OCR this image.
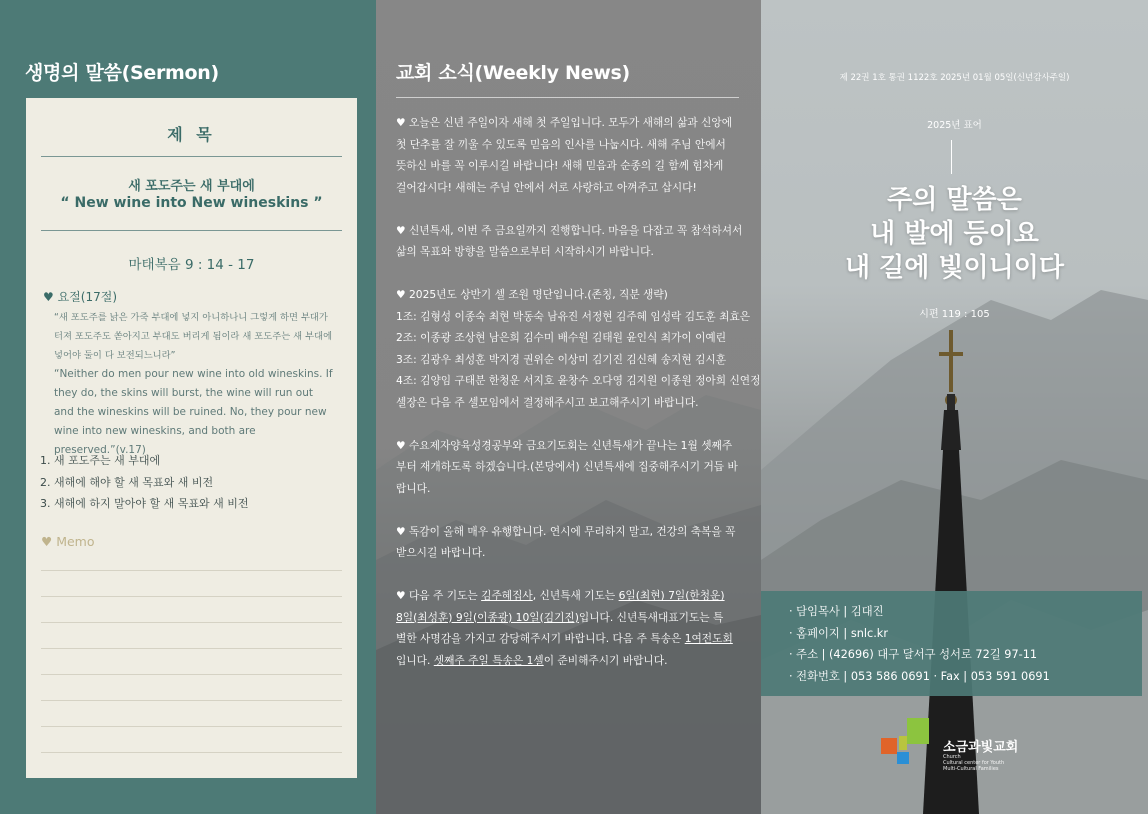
생명의 말씀(Sermon)
제 목
새 포도주는 새 부대에
“ New wine into New wineskins ”
마태복음 9 : 14 - 17
♥ 요절(17절)
“새 포도주를 낡은 가죽 부대에 넣지 아니하나니 그렇게 하면 부대가 터져 포도주도 쏟아지고 부대도 버리게 됨이라 새 포도주는 새 부대에 넣어야 둘이 다 보전되느니라”
“Neither do men pour new wine into old wineskins. If they do, the skins will burst, the wine will run out and the wineskins will be ruined. No, they pour new wine into new wineskins, and both are preserved.”(v.17)
1. 새 포도주는 새 부대에
2. 새해에 해야 할 새 목표와 새 비전
3. 새해에 하지 말아야 할 새 목표와 새 비전
♥ Memo
교회 소식(Weekly News)

♥ 오늘은 신년 주일이자 새해 첫 주일입니다. 모두가 새해의 삶과 신앙에
첫 단추를 잘 끼울 수 있도록 믿음의 인사를 나눕시다. 새해 주님 안에서
뜻하신 바를 꼭 이루시길 바랍니다! 새해 믿음과 순종의 길 함께 힘차게
걸어갑시다! 새해는 주님 안에서 서로 사랑하고 아껴주고 삽시다!

♥ 신년특새, 이번 주 금요일까지 진행합니다. 마음을 다잡고 꼭 참석하셔서
삶의 목표와 방향을 말씀으로부터 시작하시기 바랍니다.

♥ 2025년도 상반기 셀 조원 명단입니다.(존칭, 직분 생략)
1조: 김형성 이종숙 최현 박동숙 남유진 서정현 김주혜 임성락 김도훈 최효은
2조: 이종광 조상현 남은희 김수미 배수원 김태원 윤인식 최가이 이예린
3조: 김광우 최성훈 박지경 권위순 이상미 김기진 김신혜 송지현 김시훈
4조: 김양임 구태분 한청운 서지호 윤창수 오다영 김지원 이종원 정아희 신연정
셀장은 다음 주 셀모임에서 결정해주시고 보고해주시기 바랍니다.

♥ 수요제자양육성경공부와 금요기도회는 신년특새가 끝나는 1월 셋째주
부터 재개하도록 하겠습니다.(본당에서) 신년특새에 집중해주시기 거듭 바
랍니다.

♥ 독감이 올해 매우 유행합니다. 연시에 무리하지 말고, 건강의 축복을 꼭
받으시길 바랍니다.

♥ 다음 주 기도는 김주혜집사, 신년특새 기도는 6일(최현) 7일(한청운)
8일(최성훈) 9일(이종광) 10일(김기진)입니다. 신년특새대표기도는 특
별한 사명감을 가지고 감당해주시기 바랍니다. 다음 주 특송은 1여전도회
입니다. 셋째주 주일 특송은 1셀이 준비해주시기 바랍니다.

제 22권 1호 통권 1122호 2025년 01월 05일(신년감사주일)
2025년 표어
주의 말씀은
내 발에 등이요
내 길에 빛이니이다
시편 119 : 105
· 담임목사 | 김대진
· 홈페이지 | snlc.kr
· 주소 | (42696) 대구 달서구 성서로 72길 97-11
· 전화번호 | 053 586 0691 · Fax | 053 591 0691
소금과빛교회
Church
Cultural center for Youth
Multi-Cultural Families
